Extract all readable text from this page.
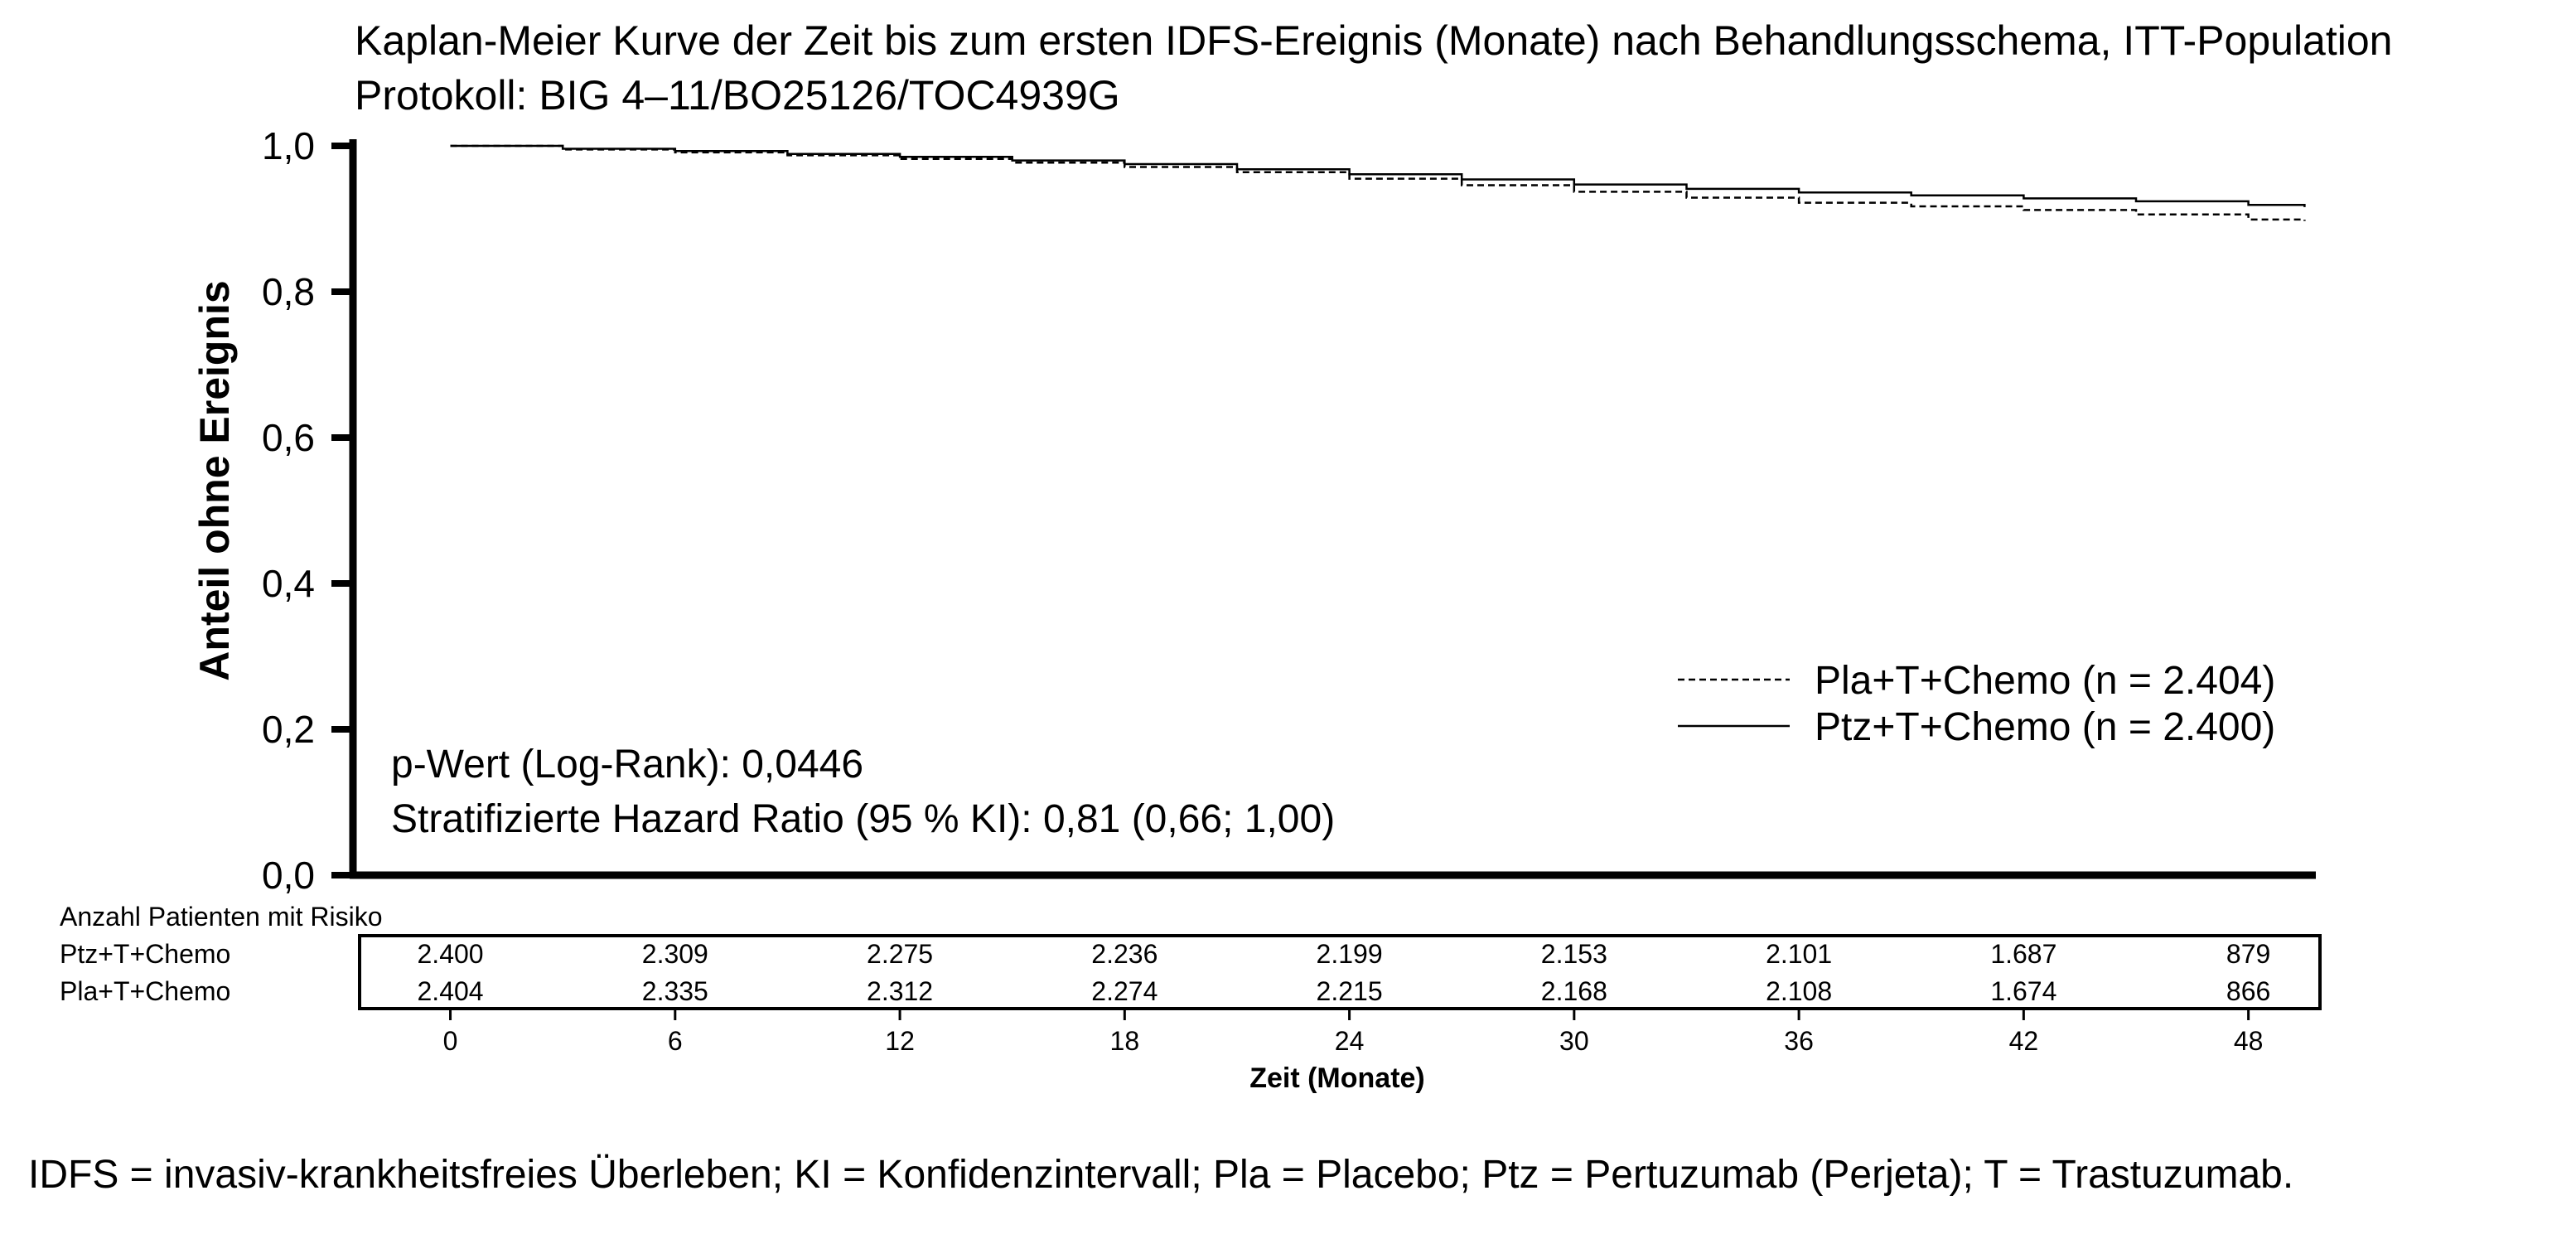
Kaplan-Meier Kurve der Zeit bis zum ersten IDFS-Ereignis (Monate) nach Behandlungsschema, ITT-Population
Protokoll: BIG 4–11/BO25126/TOC4939G
Anteil ohne Ereignis
0,0
0,2
0,4
0,6
0,8
1,0
p-Wert (Log-Rank): 0,0446
Stratifizierte Hazard Ratio (95 % KI): 0,81 (0,66; 1,00)
Pla+T+Chemo (n = 2.404)
Ptz+T+Chemo (n = 2.400)
Anzahl Patienten mit Risiko
Ptz+T+Chemo
Pla+T+Chemo
2.400	2.309	2.275	2.236	2.199	2.153	2.101	1.687	879
2.404	2.335	2.312	2.274	2.215	2.168	2.108	1.674	866
0	6	12	18	24	30	36	42	48
Zeit (Monate)
IDFS = invasiv-krankheitsfreies Überleben; KI = Konfidenzintervall; Pla = Placebo; Ptz = Pertuzumab (Perjeta); T = Trastuzumab.
